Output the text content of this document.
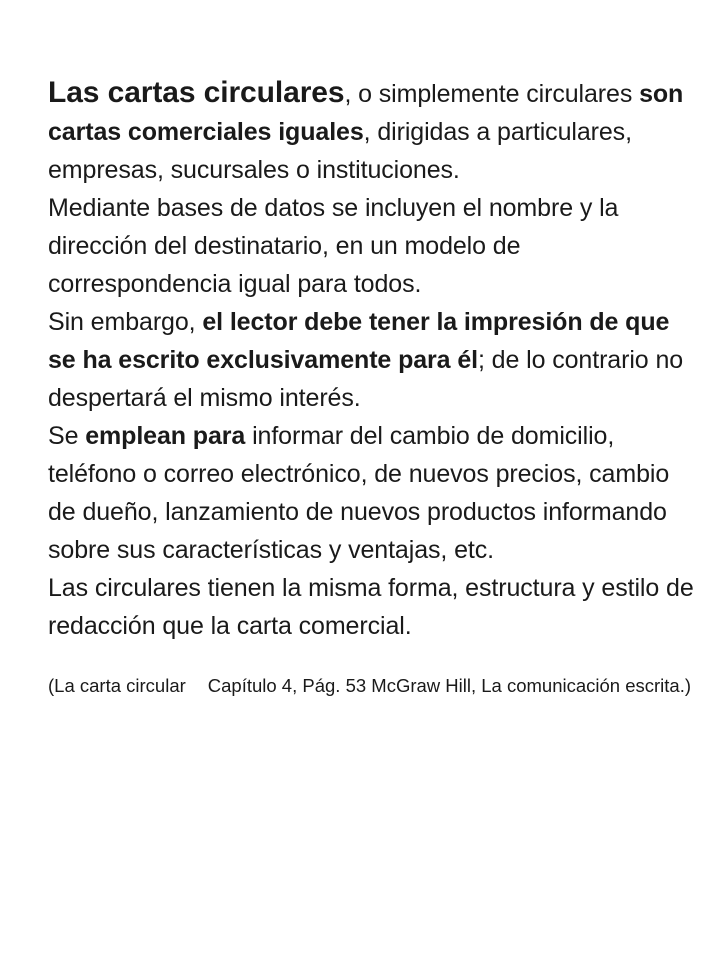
Las cartas circulares, o simplemente circulares son cartas comerciales iguales, dirigidas a particulares, empresas, sucursales o instituciones.

Mediante bases de datos se incluyen el nombre y la dirección del destinatario, en un modelo de correspondencia igual para todos.

Sin embargo, el lector debe tener la impresión de que se ha escrito exclusivamente para él; de lo contrario no despertará el mismo interés.

Se emplean para informar del cambio de domicilio, teléfono o correo electrónico, de nuevos precios, cambio de dueño, lanzamiento de nuevos productos informando sobre sus características y ventajas, etc.

Las circulares tienen la misma forma, estructura y estilo de redacción que la carta comercial.

(La carta circular Capítulo 4, Pág. 53 McGraw Hill, La comunicación escrita.)
